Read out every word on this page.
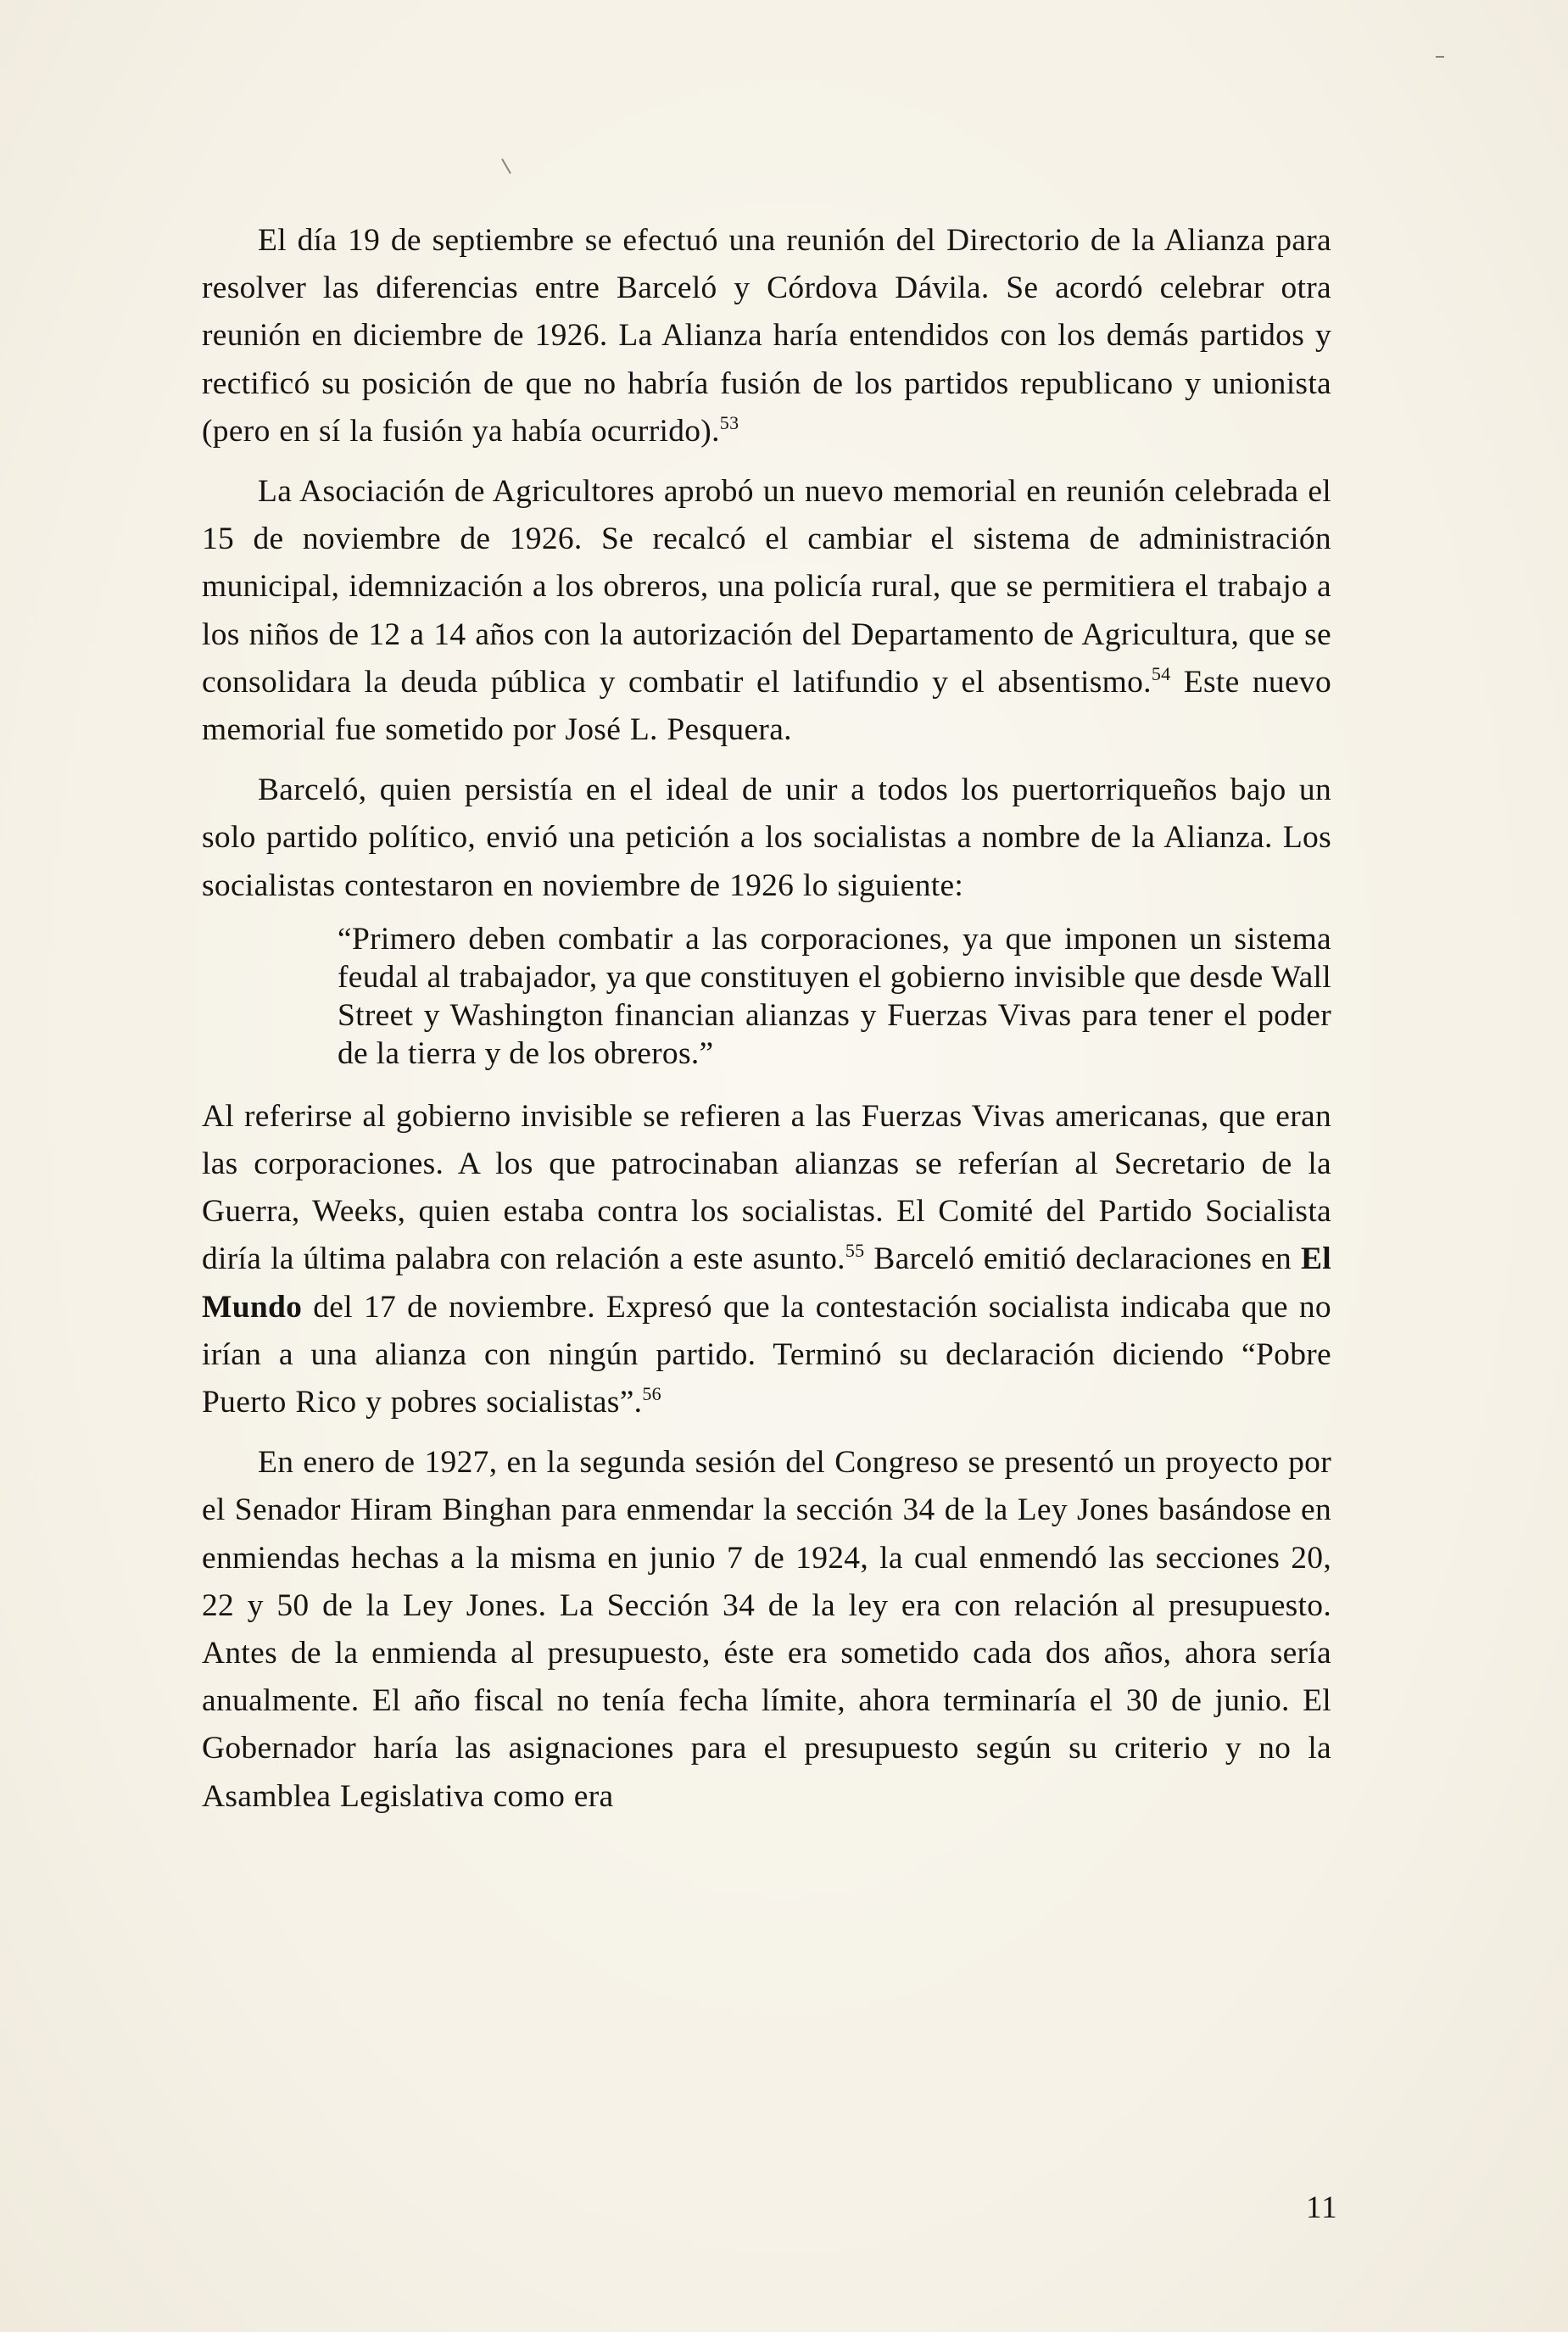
El día 19 de septiembre se efectuó una reunión del Directorio de la Alianza para resolver las diferencias entre Barceló y Córdova Dávila. Se acordó celebrar otra reunión en diciembre de 1926. La Alianza haría entendidos con los demás partidos y rectificó su posición de que no habría fusión de los partidos republicano y unionista (pero en sí la fusión ya había ocurrido).$^{53}$

La Asociación de Agricultores aprobó un nuevo memorial en reunión celebrada el 15 de noviembre de 1926. Se recalcó el cambiar el sistema de administración municipal, idemnización a los obreros, una policía rural, que se permitiera el trabajo a los niños de 12 a 14 años con la autorización del Departamento de Agricultura, que se consolidara la deuda pública y combatir el latifundio y el absentismo.$^{54}$ Este nuevo memorial fue sometido por José L. Pesquera.

Barceló, quien persistía en el ideal de unir a todos los puertorriqueños bajo un solo partido político, envió una petición a los socialistas a nombre de la Alianza. Los socialistas contestaron en noviembre de 1926 lo siguiente:

“Primero deben combatir a las corporaciones, ya que imponen un sistema feudal al trabajador, ya que constituyen el gobierno invisible que desde Wall Street y Washington financian alianzas y Fuerzas Vivas para tener el poder de la tierra y de los obreros.”

Al referirse al gobierno invisible se refieren a las Fuerzas Vivas americanas, que eran las corporaciones. A los que patrocinaban alianzas se referían al Secretario de la Guerra, Weeks, quien estaba contra los socialistas. El Comité del Partido Socialista diría la última palabra con relación a este asunto.$^{55}$ Barceló emitió declaraciones en El Mundo del 17 de noviembre. Expresó que la contestación socialista indicaba que no irían a una alianza con ningún partido. Terminó su declaración diciendo “Pobre Puerto Rico y pobres socialistas”.$^{56}$

En enero de 1927, en la segunda sesión del Congreso se presentó un proyecto por el Senador Hiram Binghan para enmendar la sección 34 de la Ley Jones basándose en enmiendas hechas a la misma en junio 7 de 1924, la cual enmendó las secciones 20, 22 y 50 de la Ley Jones. La Sección 34 de la ley era con relación al presupuesto. Antes de la enmienda al presupuesto, éste era sometido cada dos años, ahora sería anualmente. El año fiscal no tenía fecha límite, ahora terminaría el 30 de junio. El Gobernador haría las asignaciones para el presupuesto según su criterio y no la Asamblea Legislativa como era

11
